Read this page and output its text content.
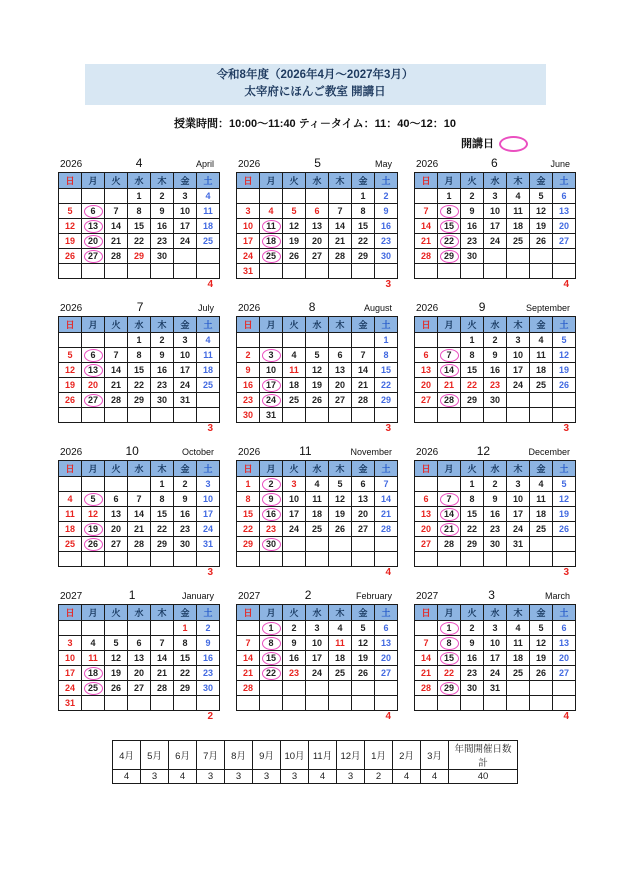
令和8年度（2026年4月～2027年3月）
太宰府にほんご教室 開講日
授業時間：10:00～11:40 ティ－タイム：11：40～12：10
開講日
2026	4	April
日	月	火	水	木	金	土
			1	2	3	4
5	6	7	8	9	10	11
12	13	14	15	16	17	18
19	20	21	22	23	24	25
26	27	28	29	30		

4
2026	5	May
日	月	火	水	木	金	土
					1	2
3	4	5	6	7	8	9
10	11	12	13	14	15	16
17	18	19	20	21	22	23
24	25	26	27	28	29	30
31						
3
2026	6	June
日	月	火	水	木	金	土
	1	2	3	4	5	6
7	8	9	10	11	12	13
14	15	16	17	18	19	20
21	22	23	24	25	26	27
28	29	30				

4
2026	7	July
日	月	火	水	木	金	土
			1	2	3	4
5	6	7	8	9	10	11
12	13	14	15	16	17	18
19	20	21	22	23	24	25
26	27	28	29	30	31	

3
2026	8	August
日	月	火	水	木	金	土
						1
2	3	4	5	6	7	8
9	10	11	12	13	14	15
16	17	18	19	20	21	22
23	24	25	26	27	28	29
30	31					
3
2026	9	September
日	月	火	水	木	金	土
		1	2	3	4	5
6	7	8	9	10	11	12
13	14	15	16	17	18	19
20	21	22	23	24	25	26
27	28	29	30			

3
2026	10	October
日	月	火	水	木	金	土
				1	2	3
4	5	6	7	8	9	10
11	12	13	14	15	16	17
18	19	20	21	22	23	24
25	26	27	28	29	30	31

3
2026	11	November
日	月	火	水	木	金	土
1	2	3	4	5	6	7
8	9	10	11	12	13	14
15	16	17	18	19	20	21
22	23	24	25	26	27	28
29	30					

4
2026	12	December
日	月	火	水	木	金	土
		1	2	3	4	5
6	7	8	9	10	11	12
13	14	15	16	17	18	19
20	21	22	23	24	25	26
27	28	29	30	31		

3
2027	1	January
日	月	火	水	木	金	土
					1	2
3	4	5	6	7	8	9
10	11	12	13	14	15	16
17	18	19	20	21	22	23
24	25	26	27	28	29	30
31						
2
2027	2	February
日	月	火	水	木	金	土
	1	2	3	4	5	6
7	8	9	10	11	12	13
14	15	16	17	18	19	20
21	22	23	24	25	26	27
28						

4
2027	3	March
日	月	火	水	木	金	土
	1	2	3	4	5	6
7	8	9	10	11	12	13
14	15	16	17	18	19	20
21	22	23	24	25	26	27
28	29	30	31			

4
4月	5月	6月	7月	8月	9月	10月	11月	12月	1月	2月	3月	年間開催日数計
4	3	4	3	3	3	3	4	3	2	4	4	40
